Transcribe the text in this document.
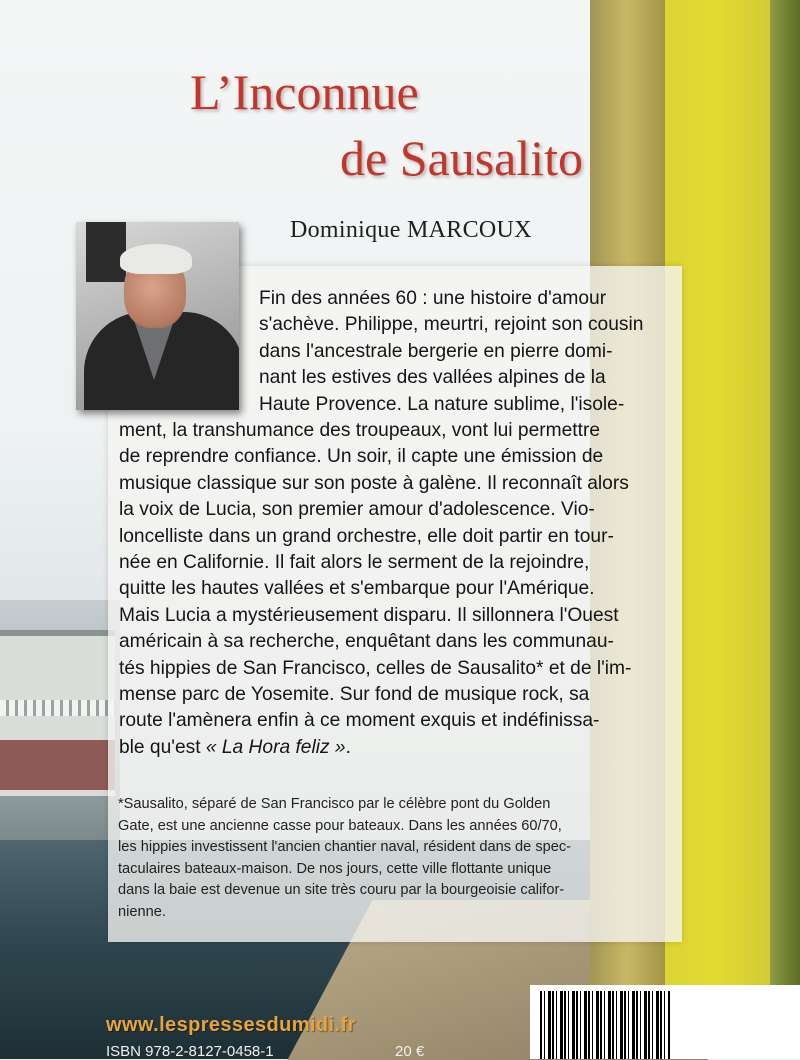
L’Inconnue
de Sausalito
Dominique MARCOUX
Fin des années 60 : une histoire d'amour
s'achève. Philippe, meurtri, rejoint son cousin
dans l'ancestrale bergerie en pierre domi-
nant les estives des vallées alpines de la
Haute Provence. La nature sublime, l'isole-
ment, la transhumance des troupeaux, vont lui permettre
de reprendre confiance. Un soir, il capte une émission de
musique classique sur son poste à galène. Il reconnaît alors
la voix de Lucia, son premier amour d'adolescence. Vio-
loncelliste dans un grand orchestre, elle doit partir en tour-
née en Californie. Il fait alors le serment de la rejoindre,
quitte les hautes vallées et s'embarque pour l'Amérique.
Mais Lucia a mystérieusement disparu. Il sillonnera l'Ouest
américain à sa recherche, enquêtant dans les communau-
tés hippies de San Francisco, celles de Sausalito* et de l'im-
mense parc de Yosemite. Sur fond de musique rock, sa
route l'amènera enfin à ce moment exquis et indéfinissa-
ble qu'est « La Hora feliz ».
*Sausalito, séparé de San Francisco par le célèbre pont du Golden
Gate, est une ancienne casse pour bateaux. Dans les années 60/70,
les hippies investissent l'ancien chantier naval, résident dans de spec-
taculaires bateaux-maison. De nos jours, cette ville flottante unique
dans la baie est devenue un site très couru par la bourgeoisie califor-
nienne.
www.lespressesdumidi.fr
ISBN 978-2-8127-0458-1	20 €
